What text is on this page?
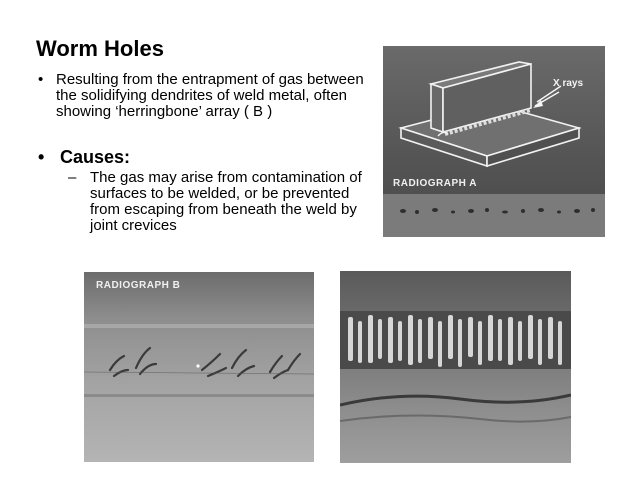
Worm Holes
• Resulting from the entrapment of gas between the solidifying dendrites of weld metal, often showing ‘herringbone’ array ( B )
• Causes:
– The gas may arise from contamination of surfaces to be welded, or be prevented from escaping from beneath the weld by joint crevices
X rays
RADIOGRAPH A
RADIOGRAPH B
